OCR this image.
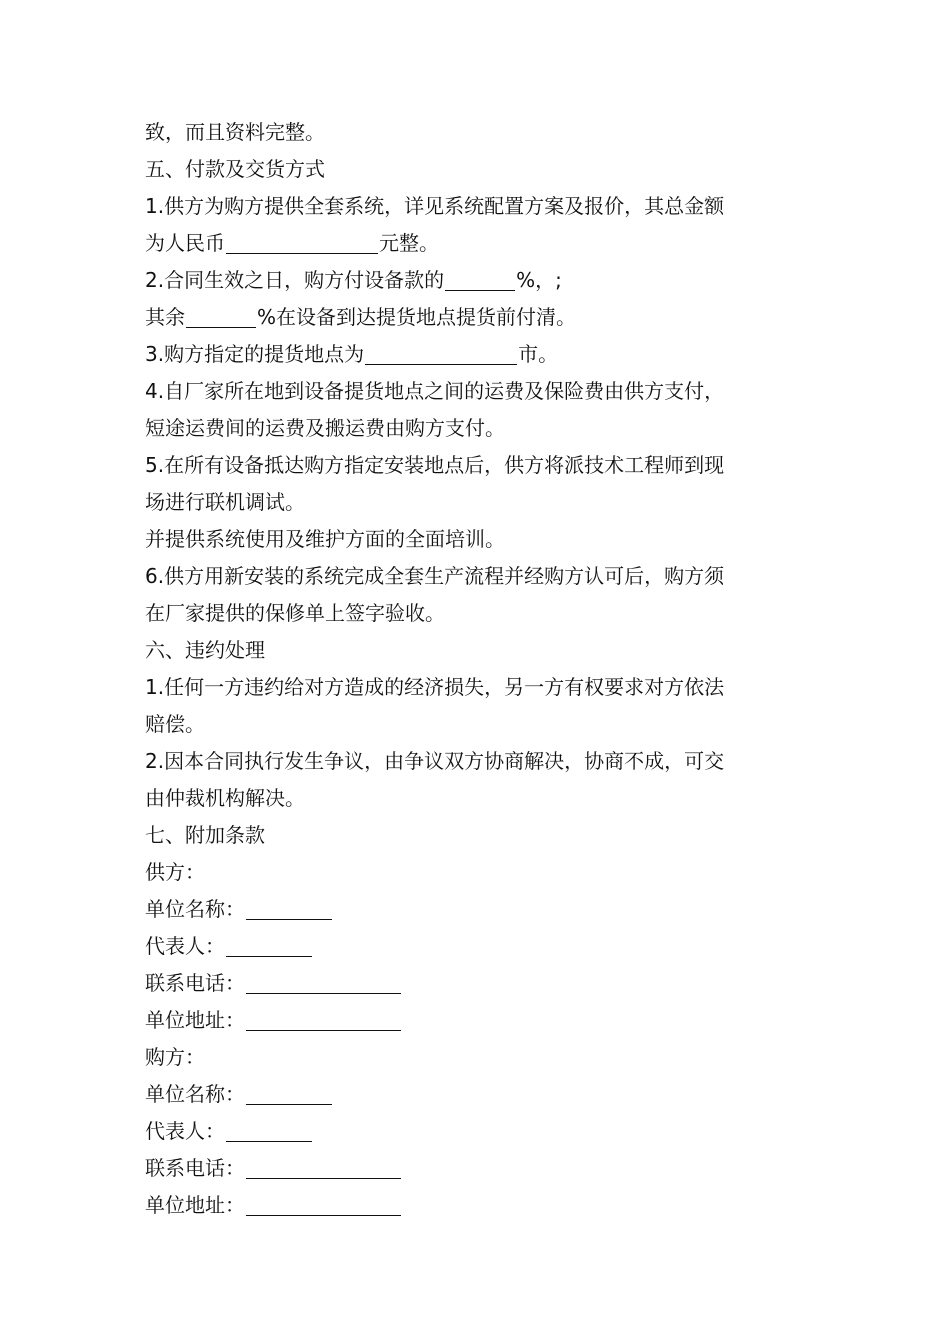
致，而且资料完整。
五、付款及交货方式
1.供方为购方提供全套系统，详见系统配置方案及报价，其总金额
为人民币	元整。
2.合同生效之日，购方付设备款的	%，;
其余	%在设备到达提货地点提货前付清。
3.购方指定的提货地点为	市。
4.自厂家所在地到设备提货地点之间的运费及保险费由供方支付，
短途运费间的运费及搬运费由购方支付。
5.在所有设备抵达购方指定安装地点后，供方将派技术工程师到现
场进行联机调试。
并提供系统使用及维护方面的全面培训。
6.供方用新安装的系统完成全套生产流程并经购方认可后，购方须
在厂家提供的保修单上签字验收。
六、违约处理
1.任何一方违约给对方造成的经济损失，另一方有权要求对方依法
赔偿。
2.因本合同执行发生争议，由争议双方协商解决，协商不成，可交
由仲裁机构解决。
七、附加条款
供方：
单位名称：
代表人：
联系电话：
单位地址：
购方：
单位名称：
代表人：
联系电话：
单位地址：
